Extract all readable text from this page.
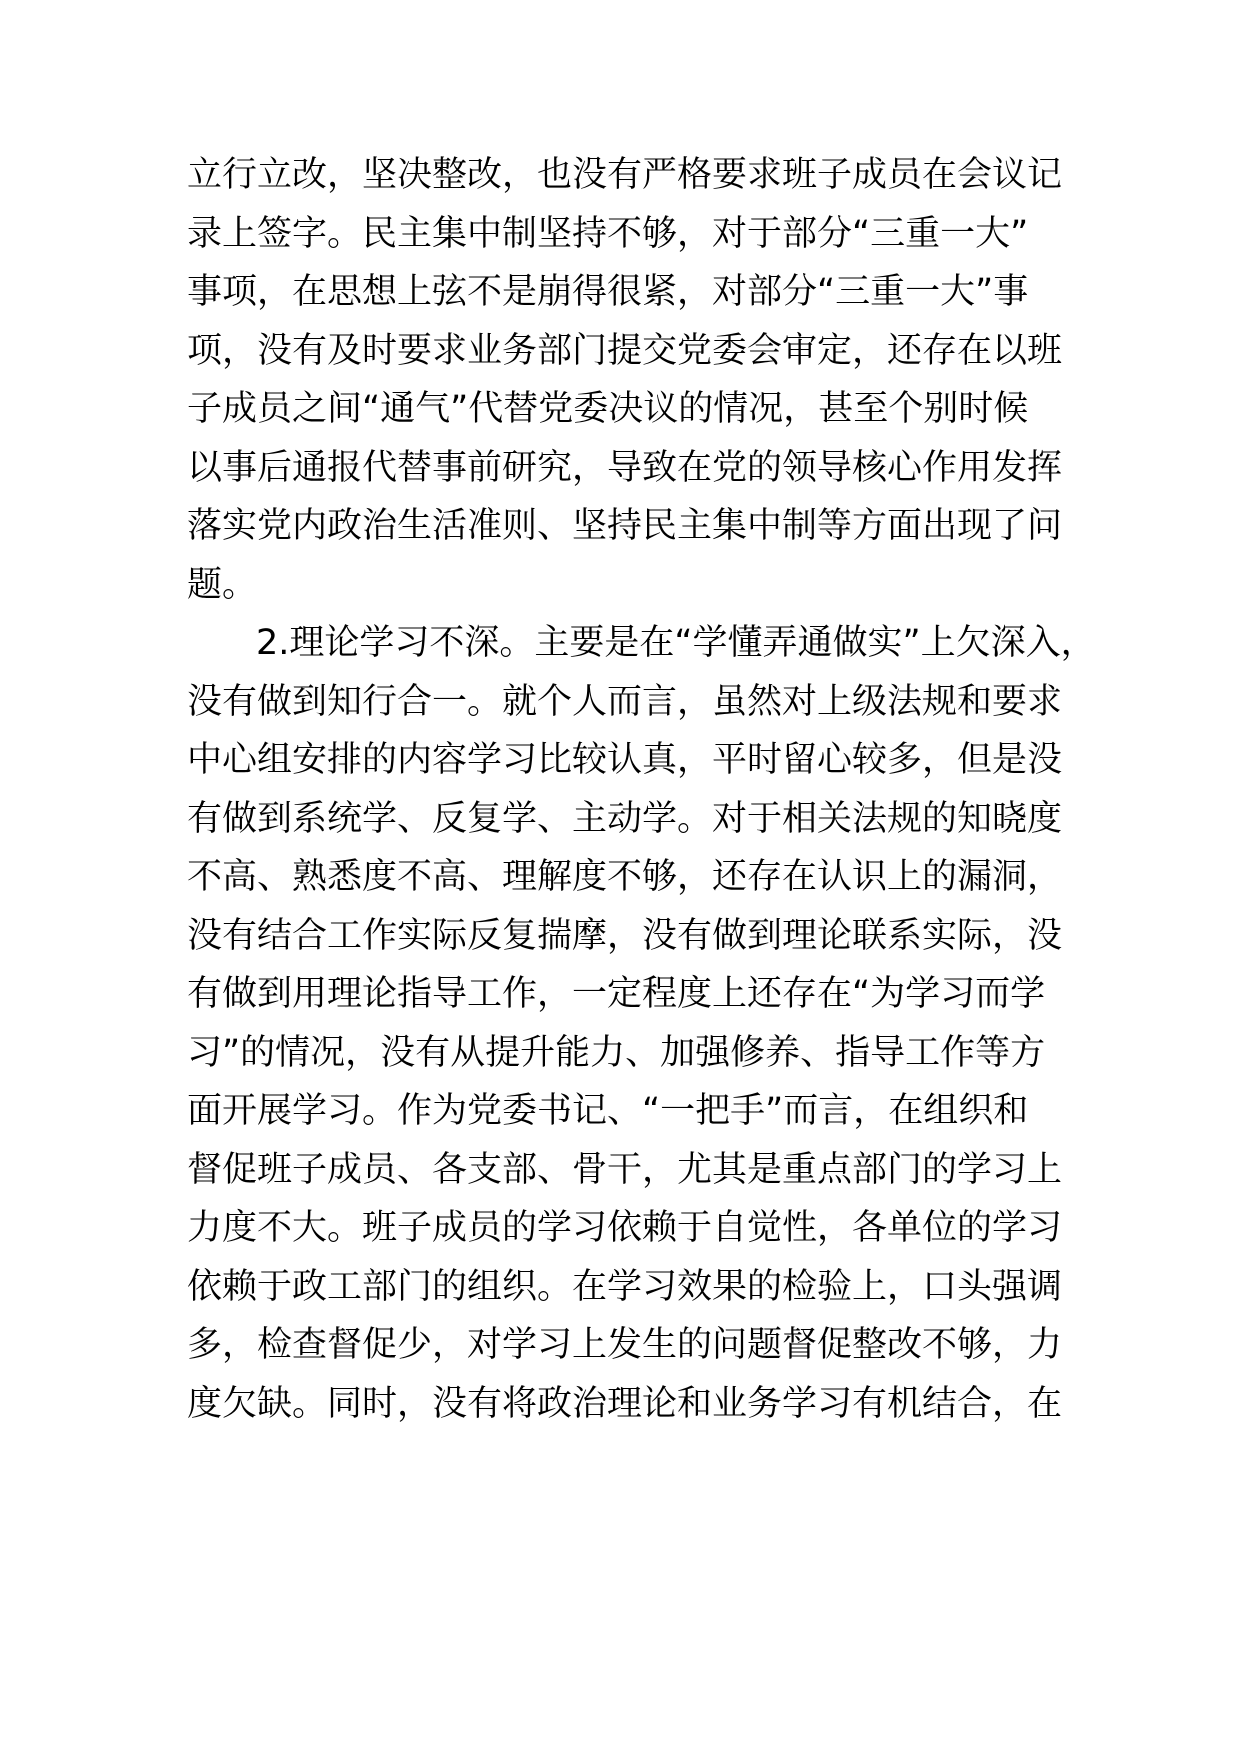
立行立改，坚决整改，也没有严格要求班子成员在会议记
录上签字。民主集中制坚持不够，对于部分“三重一大”
事项，在思想上弦不是崩得很紧，对部分“三重一大”事
项，没有及时要求业务部门提交党委会审定，还存在以班
子成员之间“通气”代替党委决议的情况，甚至个别时候
以事后通报代替事前研究，导致在党的领导核心作用发挥
落实党内政治生活准则、坚持民主集中制等方面出现了问
题。
2.理论学习不深。主要是在“学懂弄通做实”上欠深入，
没有做到知行合一。就个人而言，虽然对上级法规和要求
中心组安排的内容学习比较认真，平时留心较多，但是没
有做到系统学、反复学、主动学。对于相关法规的知晓度
不高、熟悉度不高、理解度不够，还存在认识上的漏洞，
没有结合工作实际反复揣摩，没有做到理论联系实际，没
有做到用理论指导工作，一定程度上还存在“为学习而学
习”的情况，没有从提升能力、加强修养、指导工作等方
面开展学习。作为党委书记、“一把手”而言，在组织和
督促班子成员、各支部、骨干，尤其是重点部门的学习上
力度不大。班子成员的学习依赖于自觉性，各单位的学习
依赖于政工部门的组织。在学习效果的检验上，口头强调
多，检查督促少，对学习上发生的问题督促整改不够，力
度欠缺。同时，没有将政治理论和业务学习有机结合，在
